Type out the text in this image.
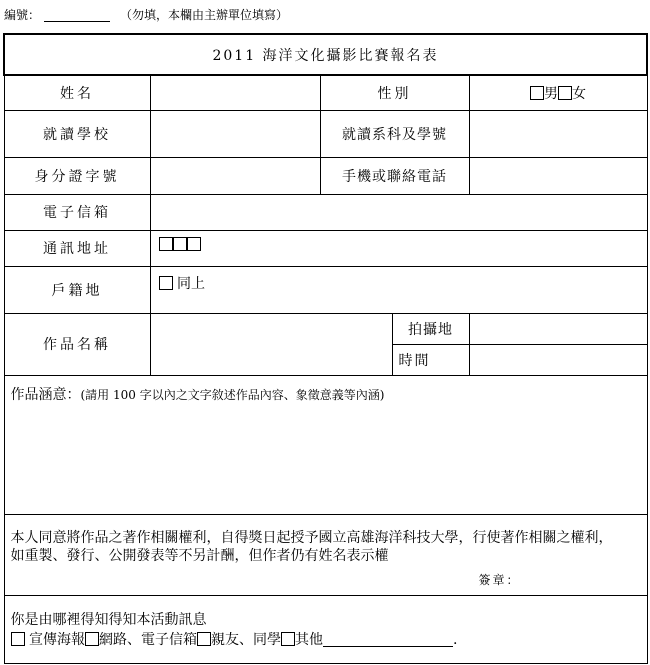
編號：	（勿填，本欄由主辦單位填寫）
2011 海洋文化攝影比賽報名表				
姓名		性別		男 女
就讀學校		就讀系科及學號		
身分證字號		手機或聯絡電話		
電子信箱				
通訊地址				
戶籍地	同上			
作品名稱			拍攝地	
			時間	
作品涵意：(請用 100 字以內之文字敘述作品內容、象徵意義等內涵)				

本人同意將作品之著作相關權利，自得獎日起授予國立高雄海洋科技大學，行使著作相關之權利，
如重製、發行、公開發表等不另計酬，但作者仍有姓名表示權
簽章：				

你是由哪裡得知得知本活動訊息
宣傳海報 網路、電子信箱 親友、同學 其他 .				
